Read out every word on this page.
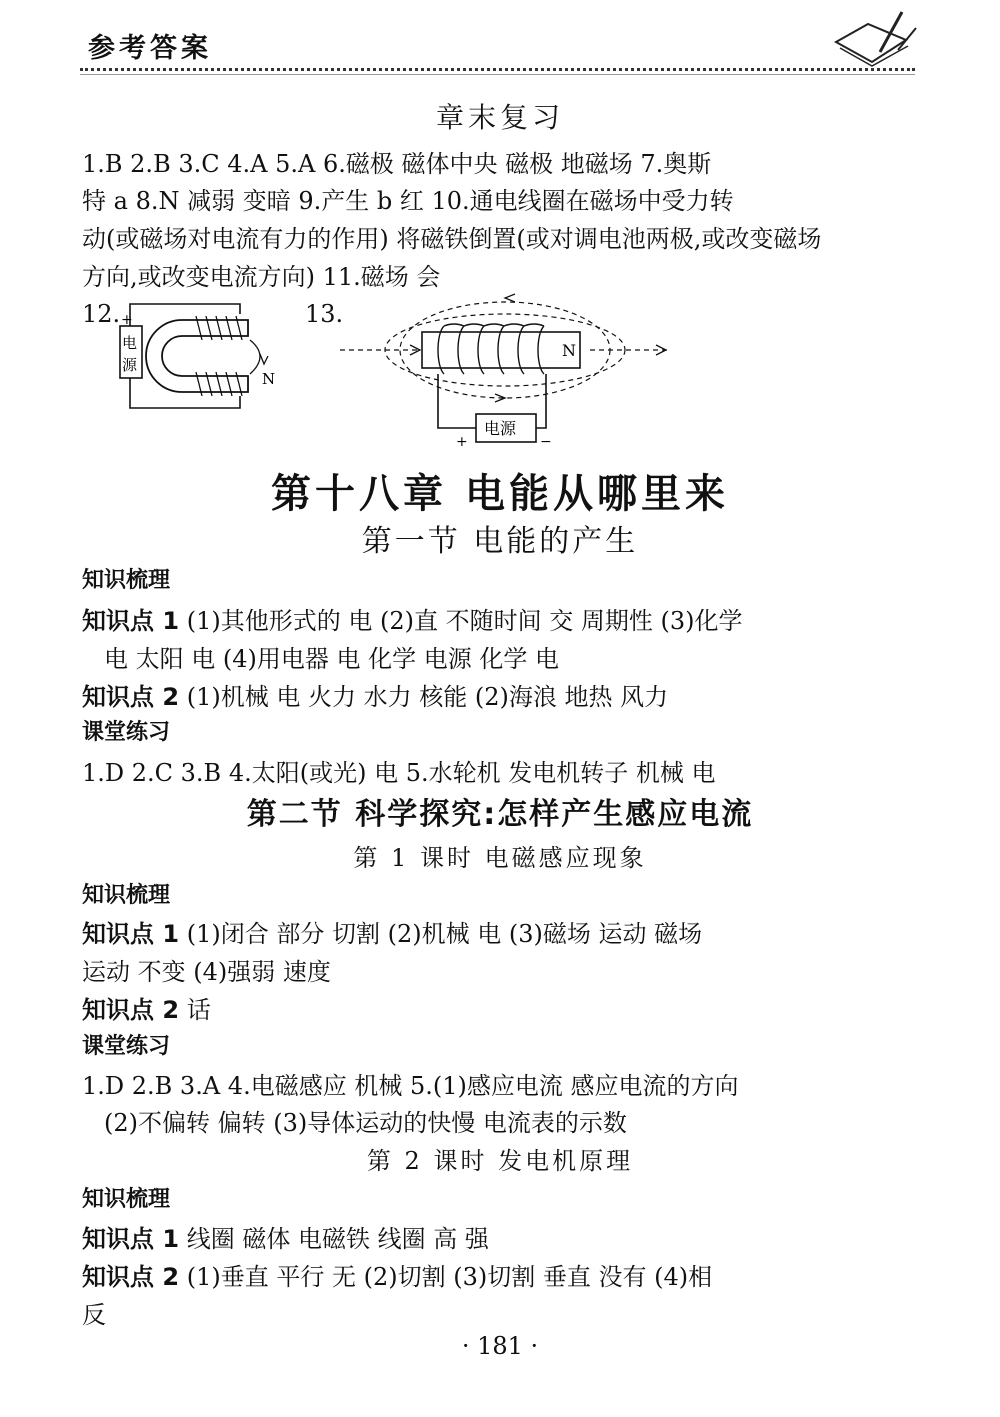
参考答案
章末复习
1.B 2.B 3.C 4.A 5.A 6.磁极 磁体中央 磁极 地磁场 7.奥斯
特 a 8.N 减弱 变暗 9.产生 b 红 10.通电线圈在磁场中受力转
动(或磁场对电流有力的作用) 将磁铁倒置(或对调电池两极,或改变磁场
方向,或改变电流方向) 11.磁场 会
12.	13.
+
电
源
N
N
电源
+	−
第十八章 电能从哪里来
第一节 电能的产生
知识梳理
知识点 1 (1)其他形式的 电 (2)直 不随时间 交 周期性 (3)化学
电 太阳 电 (4)用电器 电 化学 电源 化学 电
知识点 2 (1)机械 电 火力 水力 核能 (2)海浪 地热 风力
课堂练习
1.D 2.C 3.B 4.太阳(或光) 电 5.水轮机 发电机转子 机械 电
第二节 科学探究:怎样产生感应电流
第 1 课时 电磁感应现象
知识梳理
知识点 1 (1)闭合 部分 切割 (2)机械 电 (3)磁场 运动 磁场
运动 不变 (4)强弱 速度
知识点 2 话
课堂练习
1.D 2.B 3.A 4.电磁感应 机械 5.(1)感应电流 感应电流的方向
(2)不偏转 偏转 (3)导体运动的快慢 电流表的示数
第 2 课时 发电机原理
知识梳理
知识点 1 线圈 磁体 电磁铁 线圈 高 强
知识点 2 (1)垂直 平行 无 (2)切割 (3)切割 垂直 没有 (4)相
反
· 181 ·
